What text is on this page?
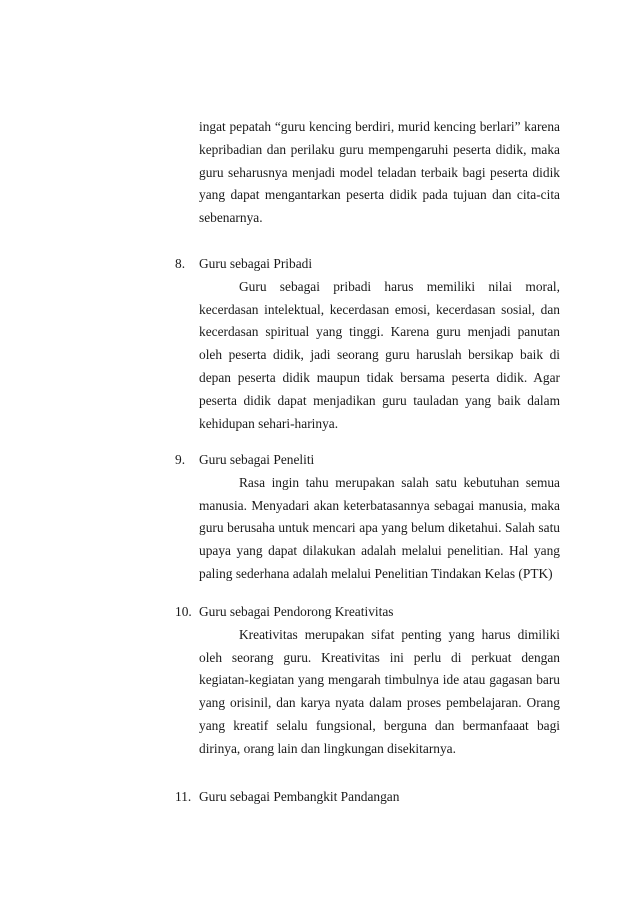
ingat pepatah “guru kencing berdiri, murid kencing berlari” karena kepribadian dan perilaku guru mempengaruhi peserta didik, maka guru seharusnya menjadi model teladan terbaik bagi peserta didik yang dapat mengantarkan peserta didik pada tujuan dan cita-cita sebenarnya.

8. Guru sebagai Pribadi

Guru sebagai pribadi harus memiliki nilai moral, kecerdasan intelektual, kecerdasan emosi, kecerdasan sosial, dan kecerdasan spiritual yang tinggi. Karena guru menjadi panutan oleh peserta didik, jadi seorang guru haruslah bersikap baik di depan peserta didik maupun tidak bersama peserta didik. Agar peserta didik dapat menjadikan guru tauladan yang baik dalam kehidupan sehari-harinya.

9. Guru sebagai Peneliti

Rasa ingin tahu merupakan salah satu kebutuhan semua manusia. Menyadari akan keterbatasannya sebagai manusia, maka guru berusaha untuk mencari apa yang belum diketahui. Salah satu upaya yang dapat dilakukan adalah melalui penelitian. Hal yang paling sederhana adalah melalui Penelitian Tindakan Kelas (PTK)

10. Guru sebagai Pendorong Kreativitas

Kreativitas merupakan sifat penting yang harus dimiliki oleh seorang guru. Kreativitas ini perlu di perkuat dengan kegiatan-kegiatan yang mengarah timbulnya ide atau gagasan baru yang orisinil, dan karya nyata dalam proses pembelajaran. Orang yang kreatif selalu fungsional, berguna dan bermanfaaat bagi dirinya, orang lain dan lingkungan disekitarnya.

11. Guru sebagai Pembangkit Pandangan
